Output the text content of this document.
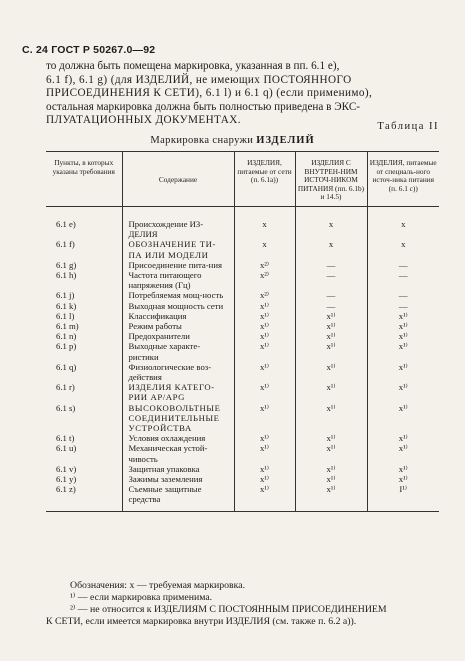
С. 24 ГОСТ Р 50267.0—92

то должна быть помещена маркировка, указанная в пп. 6.1 е),

6.1 f), 6.1 g) (для ИЗДЕЛИЙ, не имеющих ПОСТОЯННОГО

ПРИСОЕДИНЕНИЯ К СЕТИ), 6.1 l) и 6.1 q) (если применимо),

остальная маркировка должна быть полностью приведена в ЭКС-

ПЛУАТАЦИОННЫХ ДОКУМЕНТАХ.

Таблица II
Маркировка снаружи ИЗДЕЛИЙ
Пункты, в которых указаны требования	Содержание	ИЗДЕЛИЯ, питаемые от сети (п. 6.1а))	ИЗДЕЛИЯ С ВНУТРЕН-НИМ ИСТОЧ-НИКОМ ПИТАНИЯ (пп. 6.1b) и 14.5)	ИЗДЕЛИЯ, питаемые от специаль-ного источ-ника питания (п. 6.1 с))
6.1 e)	Происхождение ИЗ-ДЕЛИЯ	x	x	x
6.1 f)	ОБОЗНАЧЕНИЕ ТИ-ПА ИЛИ МОДЕЛИ	x	x	x
6.1 g)	Присоединение пита-ния	x²⁾	—	—
6.1 h)	Частота питающего напряжения (Гц)	x²⁾	—	—
6.1 j)	Потребляемая мощ-ность	x²⁾	—	—
6.1 k)	Выходная мощность сети	x¹⁾	—	—
6.1 l)	Классификация	x¹⁾	x¹⁾	x¹⁾
6.1 m)	Режим работы	x¹⁾	x¹⁾	x¹⁾
6.1 n)	Предохранители	x¹⁾	x¹⁾	x¹⁾
6.1 p)	Выходные характе-ристики	x¹⁾	x¹⁾	x¹⁾
6.1 q)	Физиологические воз-действия	x¹⁾	x¹⁾	x¹⁾
6.1 r)	ИЗДЕЛИЯ КАТЕГО-РИИ AP/APG	x¹⁾	x¹⁾	x¹⁾
6.1 s)	ВЫСОКОВОЛЬТНЫЕ СОЕДИНИТЕЛЬНЫЕ УСТРОЙСТВА	x¹⁾	x¹⁾	x¹⁾
6.1 t)	Условия охлаждения	x¹⁾	x¹⁾	x¹⁾
6.1 u)	Механическая устой-чивость	x¹⁾	x¹⁾	x¹⁾
6.1 v)	Защитная упаковка	x¹⁾	x¹⁾	x¹⁾
6.1 y)	Зажимы заземления	x¹⁾	x¹⁾	x¹⁾
6.1 z)	Съемные защитные средства	x¹⁾	x¹⁾	I¹⁾

Обозначения: x — требуемая маркировка.

¹⁾ — если маркировка применима.

²⁾ — не относится к ИЗДЕЛИЯМ С ПОСТОЯННЫМ ПРИСОЕДИНЕНИЕМ

К СЕТИ, если имеется маркировка внутри ИЗДЕЛИЯ (см. также п. 6.2 а)).
